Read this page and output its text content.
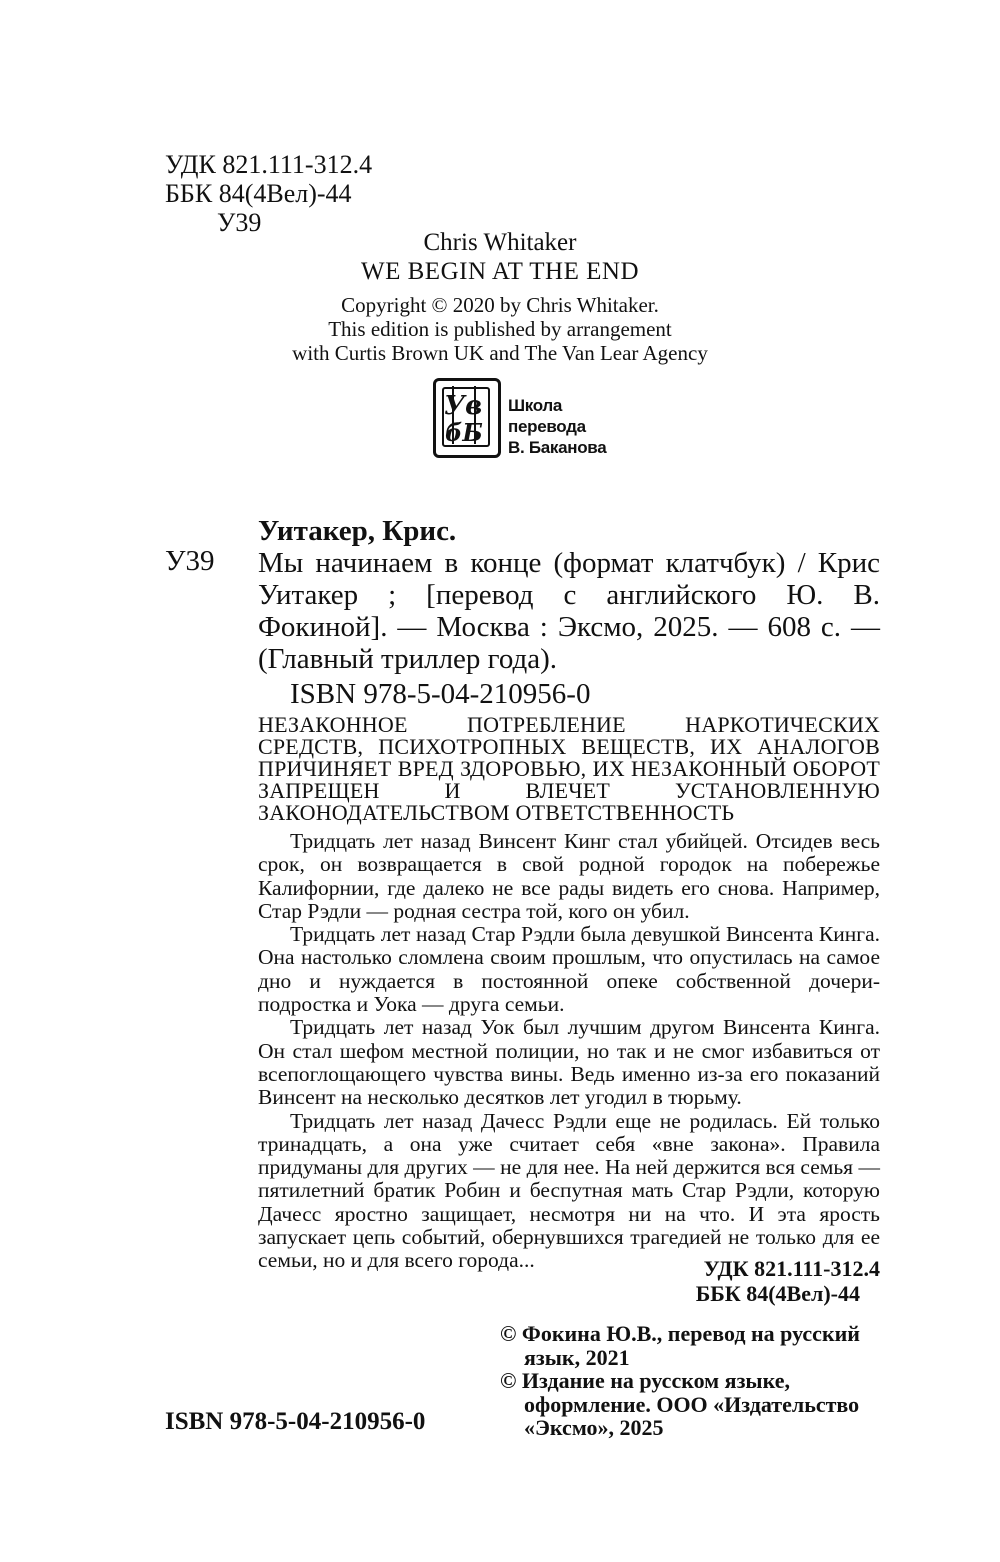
УДК 821.111-312.4
ББК 84(4Вел)-44
У39
Chris Whitaker
WE BEGIN AT THE END
Copyright © 2020 by Chris Whitaker.
This edition is published by arrangement
with Curtis Brown UK and The Van Lear Agency
Ув
бБ
Школа перевода
В. Баканова
У39
Уитакер, Крис.
Мы начинаем в конце (формат клатчбук) / Крис Уитакер ; [перевод с английского Ю. В. Фокиной]. — Москва : Эксмо, 2025. — 608 с. — (Главный триллер года).
ISBN 978-5-04-210956-0
НЕЗАКОННОЕ ПОТРЕБЛЕНИЕ НАРКОТИЧЕСКИХ СРЕДСТВ, ПСИХОТРОПНЫХ ВЕЩЕСТВ, ИХ АНАЛОГОВ ПРИЧИНЯЕТ ВРЕД ЗДОРОВЬЮ, ИХ НЕЗАКОННЫЙ ОБОРОТ ЗАПРЕЩЕН И ВЛЕЧЕТ УСТАНОВЛЕННУЮ ЗАКОНОДАТЕЛЬСТВОМ ОТВЕТСТВЕННОСТЬ

Тридцать лет назад Винсент Кинг стал убийцей. Отсидев весь срок, он возвращается в свой родной городок на побережье Калифорнии, где далеко не все рады видеть его снова. Например, Стар Рэдли — родная сестра той, кого он убил.

Тридцать лет назад Стар Рэдли была девушкой Винсента Кинга. Она настолько сломлена своим прошлым, что опустилась на самое дно и нуждается в постоянной опеке собственной дочери-подростка и Уока — друга семьи.

Тридцать лет назад Уок был лучшим другом Винсента Кинга. Он стал шефом местной полиции, но так и не смог избавиться от всепоглощающего чувства вины. Ведь именно из-за его показаний Винсент на несколько десятков лет угодил в тюрьму.

Тридцать лет назад Дачесс Рэдли еще не родилась. Ей только тринадцать, а она уже считает себя «вне закона». Правила придуманы для других — не для нее. На ней держится вся семья — пятилетний братик Робин и беспутная мать Стар Рэдли, которую Дачесс яростно защищает, несмотря ни на что. И эта ярость запускает цепь событий, обернувшихся трагедией не только для ее семьи, но и для всего города...	УДК 821.111-312.4
ББК 84(4Вел)-44
© Фокина Ю.В., перевод на русский язык, 2021
© Издание на русском языке, оформление. ООО «Издательство «Эксмо», 2025
ISBN 978-5-04-210956-0
